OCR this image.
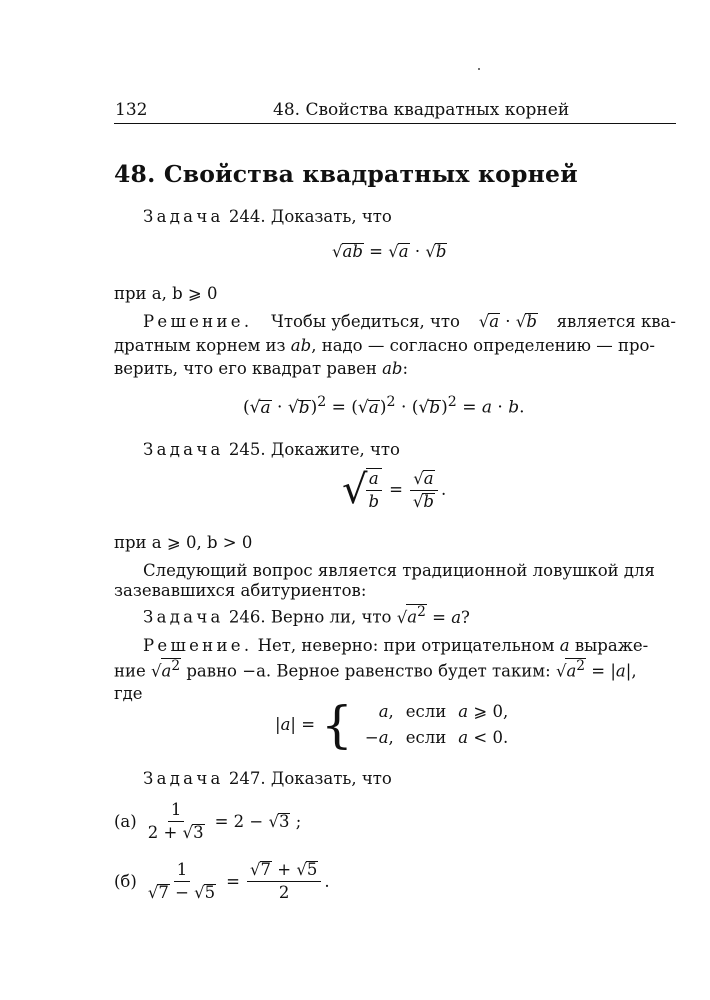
132	48. Свойства квадратных корней
48. Свойства квадратных корней
Задача 244. Доказать, что
√ab = √a · √b
при a, b ⩾ 0
Решение. Чтобы убедиться, что √a · √b является ква-
дратным корнем из ab, надо — согласно определению — про-
верить, что его квадрат равен ab:
$(√a \cdot √b)^2 = (√a)^2 \cdot (√b)^2 = a \cdot b$.
Задача 245. Докажите, что
√
$\frac{a}{b} = \frac{√a}{√b}$ .
при a ⩾ 0, b > 0
Следующий вопрос является традиционной ловушкой для
зазевавшихся абитуриентов:
Задача 246. Верно ли, что $√a^2 = a$?
Решение. Нет, неверно: при отрицательном a выраже-
ние $√a^2$ равно −a. Верное равенство будет таким: $√a^2 = |a|$,
где
|a| = { a,	если	a ⩾ 0,
−a,	если	a < 0.
Задача 247. Доказать, что
$(а) \frac{1}{2 + √3} = 2 - √3$ ;
$(б) \frac{1}{√7 - √5} = \frac{√7 + √5}{2}$ .
